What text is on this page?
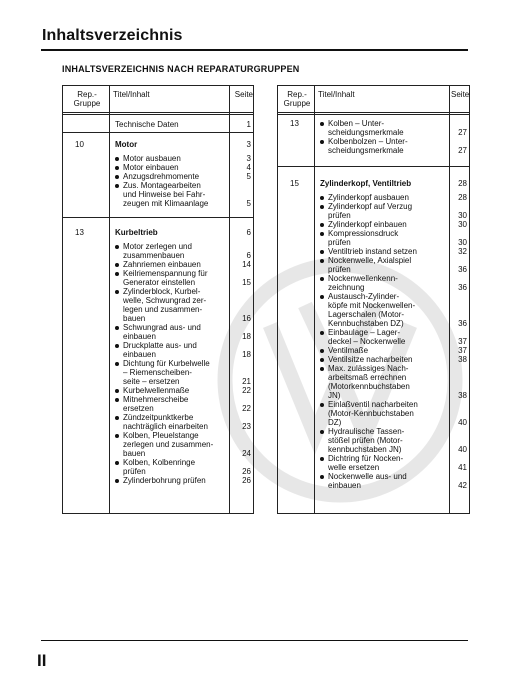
Inhaltsverzeichnis
INHALTSVERZEICHNIS NACH REPARATURGRUPPEN
Rep.-Gruppe
Titel/Inhalt	Seite
Technische Daten	1
10	Motor	3
Motor ausbauen	3
Motor einbauen	4
Anzugsdrehmomente	5
Zus. Montagearbeiten
und Hinweise bei Fahr-
zeugen mit Klimaanlage	5
13	Kurbeltrieb	6
Motor zerlegen und
zusammenbauen	6
Zahnriemen einbauen	14
Keilriemenspannung für
Generator einstellen	15
Zylinderblock, Kurbel-
welle, Schwungrad zer-
legen und zusammen-
bauen	16
Schwungrad aus- und
einbauen	18
Druckplatte aus- und
einbauen	18
Dichtung für Kurbelwelle
– Riemenscheiben-
seite – ersetzen	21
Kurbelwellenmaße	22
Mitnehmerscheibe
ersetzen	22
Zündzeitpunktkerbe
nachträglich einarbeiten	23
Kolben, Pleuelstange
zerlegen und zusammen-
bauen	24
Kolben, Kolbenringe
prüfen	26
Zylinderbohrung prüfen	26
Rep.-Gruppe
Titel/Inhalt	Seite
13	Kolben – Unter-
scheidungsmerkmale	27
Kolbenbolzen – Unter-
scheidungsmerkmale	27
15	Zylinderkopf, Ventiltrieb	28
Zylinderkopf ausbauen	28
Zylinderkopf auf Verzug
prüfen	30
Zylinderkopf einbauen	30
Kompressionsdruck
prüfen	30
Ventiltrieb instand setzen	32
Nockenwelle, Axialspiel
prüfen	36
Nockenwellenkenn-
zeichnung	36
Austausch-Zylinder-
köpfe mit Nockenwellen-
Lagerschalen (Motor-
Kennbuchstaben DZ)	36
Einbaulage – Lager-
deckel – Nockenwelle	37
Ventilmaße	37
Ventilsitze nacharbeiten	38
Max. zulässiges Nach-
arbeitsmaß errechnen
(Motorkennbuchstaben
JN)	38
Einlaßventil nacharbeiten
(Motor-Kennbuchstaben
DZ)	40
Hydraulische Tassen-
stößel prüfen (Motor-
kennbuchstaben JN)	40
Dichtring für Nocken-
welle ersetzen	41
Nockenwelle aus- und
einbauen	42
II
